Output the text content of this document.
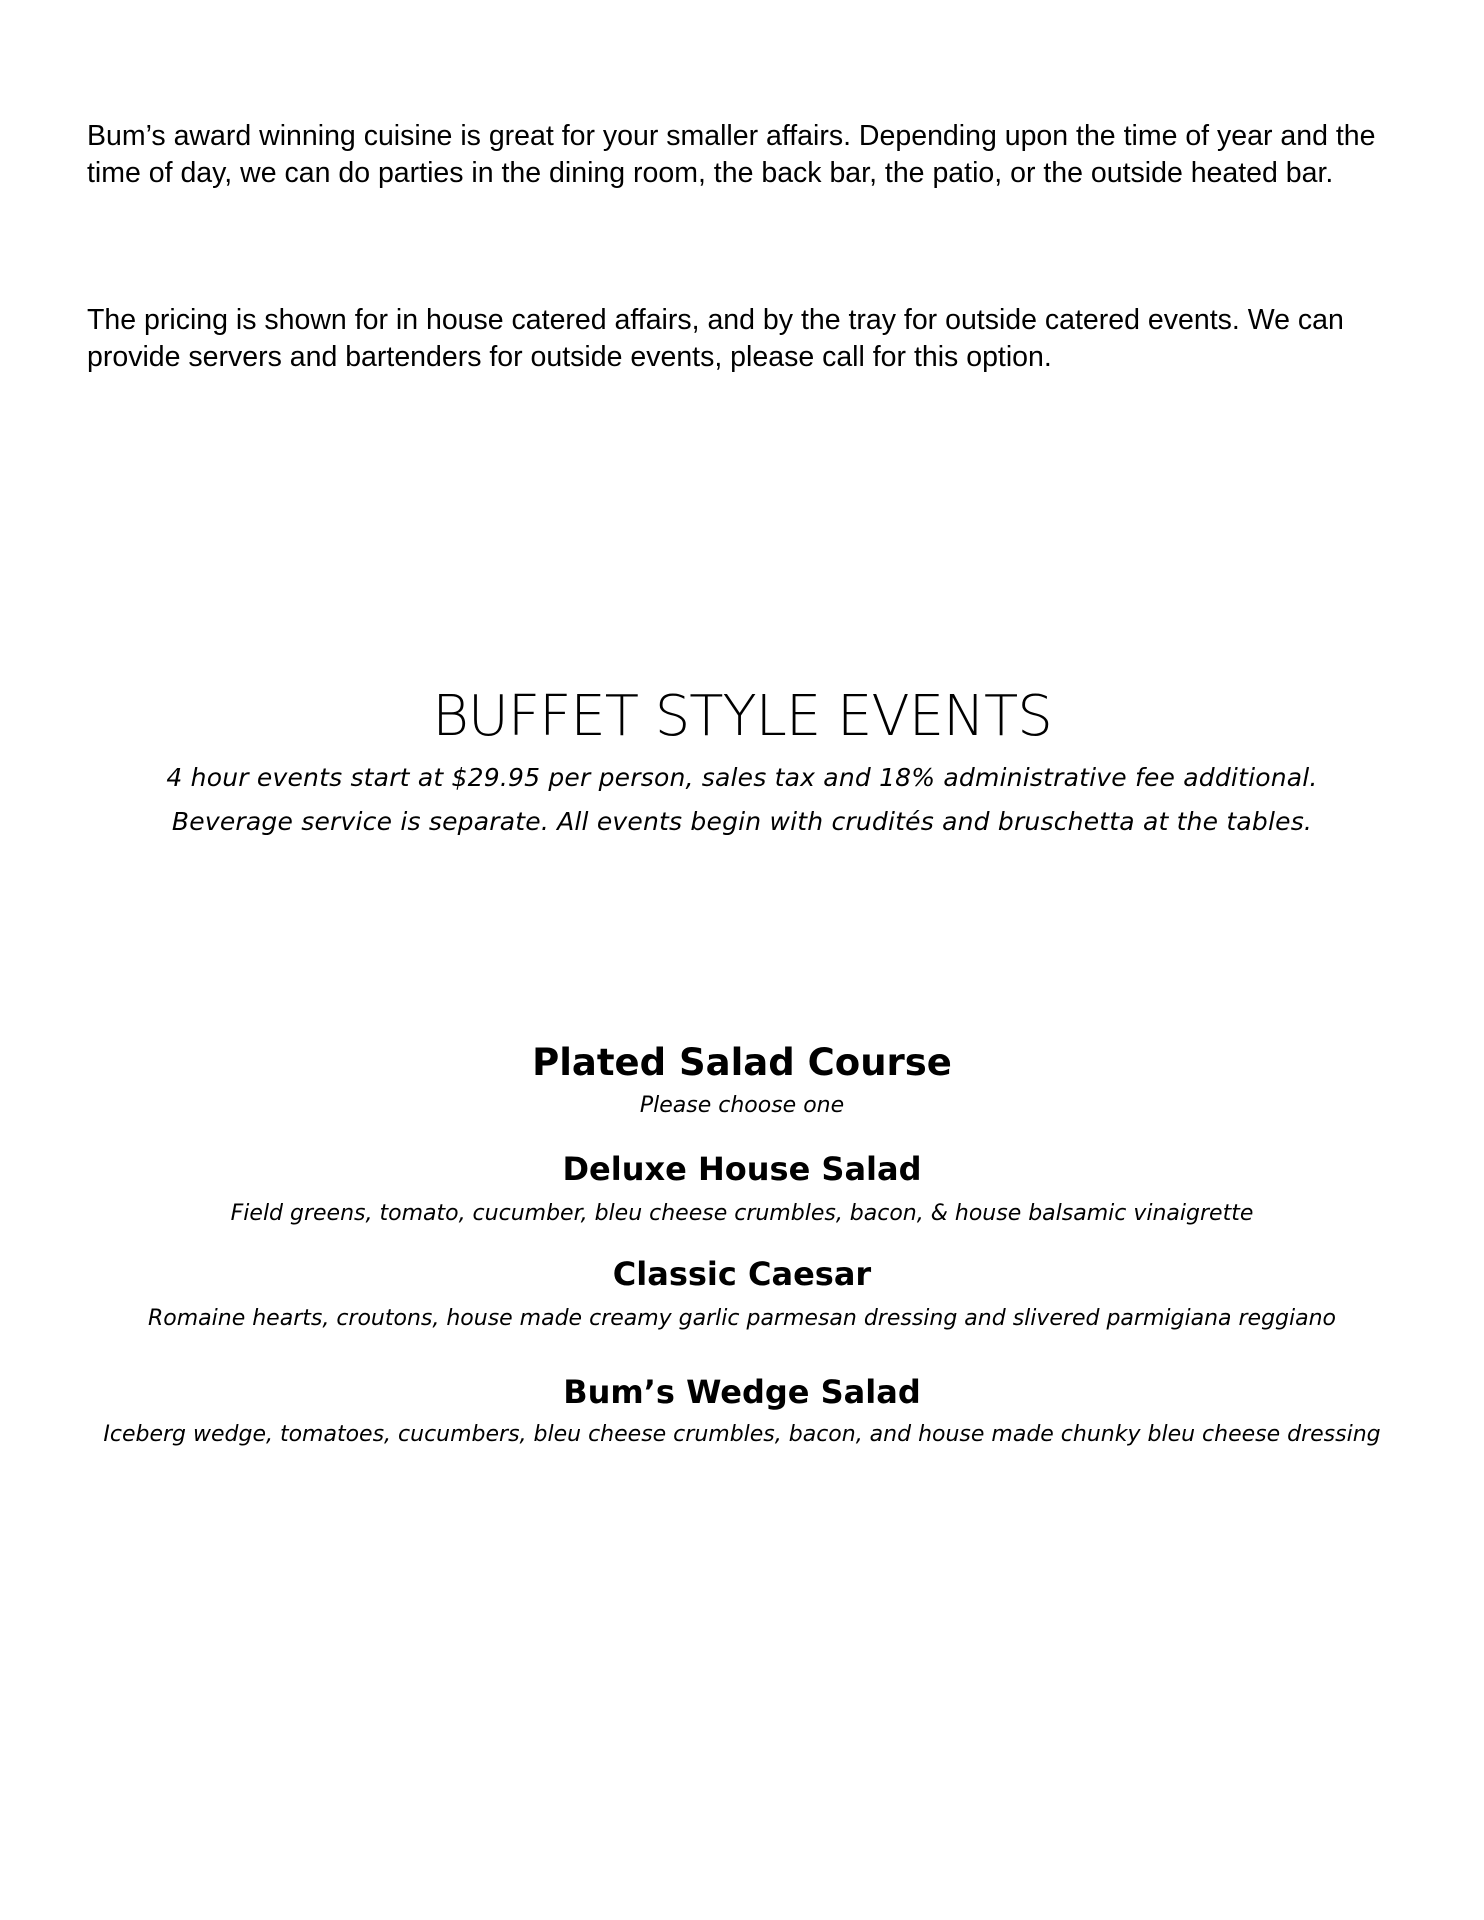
Bum’s award winning cuisine is great for your smaller affairs. Depending upon the time of year and the time of day, we can do parties in the dining room, the back bar, the patio, or the outside heated bar.

The pricing is shown for in house catered affairs, and by the tray for outside catered events. We can provide servers and bartenders for outside events, please call for this option.

BUFFET STYLE EVENTS

4 hour events start at $29.95 per person, sales tax and 18% administrative fee additional.

Beverage service is separate. All events begin with crudités and bruschetta at the tables.

Plated Salad Course

Please choose one

Deluxe House Salad

Field greens, tomato, cucumber, bleu cheese crumbles, bacon, & house balsamic vinaigrette

Classic Caesar

Romaine hearts, croutons, house made creamy garlic parmesan dressing and slivered parmigiana reggiano

Bum’s Wedge Salad

Iceberg wedge, tomatoes, cucumbers, bleu cheese crumbles, bacon, and house made chunky bleu cheese dressing
